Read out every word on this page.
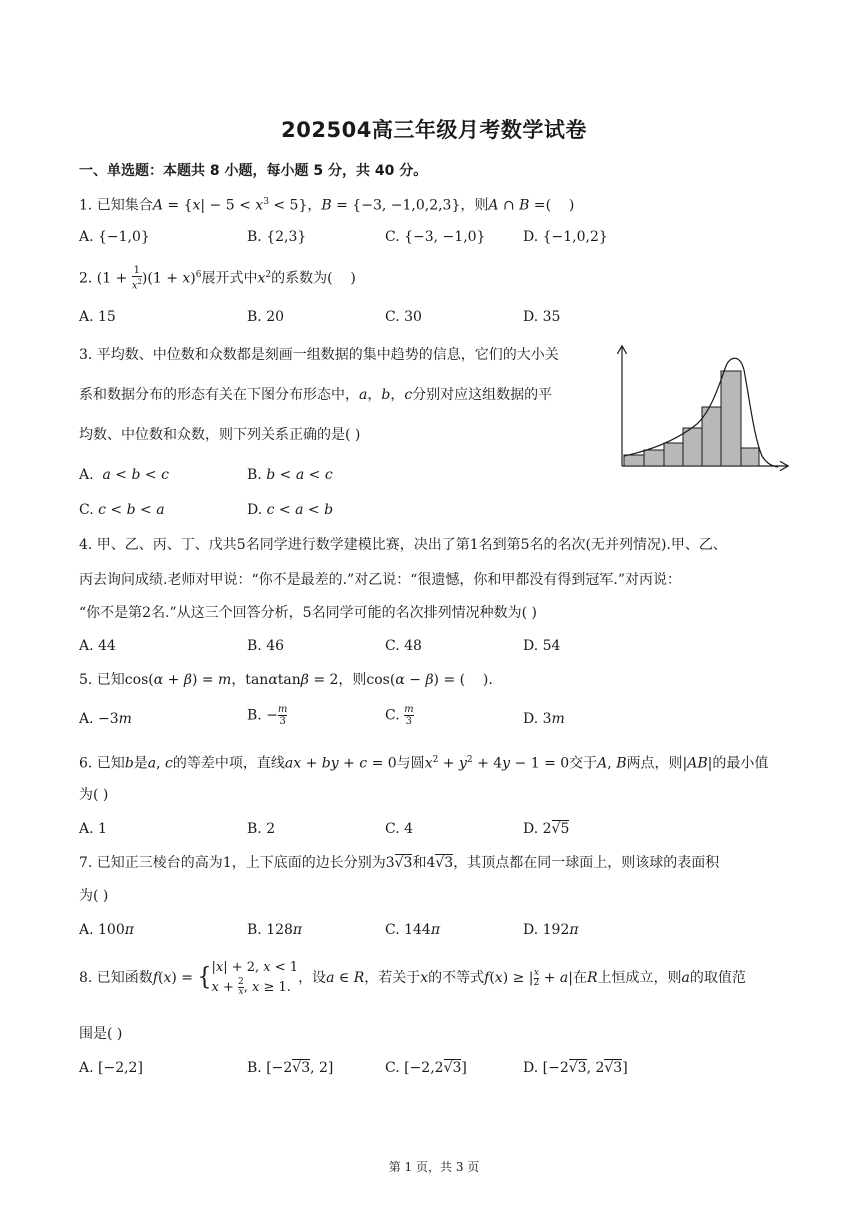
202504高三年级月考数学试卷
一、单选题：本题共 8 小题，每小题 5 分，共 40 分。
1. 已知集合$A = \{x| - 5 < x^3 < 5\}$，B = {−3, −1,0,2,3}，则A ∩ B =(    )
A. {−1,0}	B. {2,3}	C. {−3, −1,0}	D. {−1,0,2}
2. $(1 + \frac{1}{x^2} )(1 + x)^6$展开式中$x^2$的系数为(    )
A. 15	B. 20	C. 30	D. 35
3. 平均数、中位数和众数都是刻画一组数据的集中趋势的信息，它们的大小关
系和数据分布的形态有关在下图分布形态中，a，b，c分别对应这组数据的平
均数、中位数和众数，则下列关系正确的是( )
A.  a < b < c	B. b < a < c
C. c < b < a	D. c < a < b
4. 甲、乙、丙、丁、戊共5名同学进行数学建模比赛，决出了第1名到第5名的名次(无并列情况).甲、乙、
丙去询问成绩.老师对甲说：“你不是最差的.”对乙说：“很遗憾，你和甲都没有得到冠军.”对丙说：
“你不是第2名.”从这三个回答分析，5名同学可能的名次排列情况种数为( )
A. 44	B. 46	C. 48	D. 54
5. 已知cos(α + β) = m，tanαtanβ = 2，则cos(α − β) = (    ).
A. −3m	B. − $\frac{m}{3}$	C. $\frac{m}{3}$	D. 3m
6. 已知b是a, c的等差中项，直线ax + by + c = 0与圆$x^2 + y^2 + 4y - 1 = 0$交于A, B两点，则|AB|的最小值
为( )
A. 1	B. 2	C. 4	D. 2√5
7. 已知正三棱台的高为1，上下底面的边长分别为3√3和4√3，其顶点都在同一球面上，则该球的表面积
为( )
A. 100π	B. 128π	C. 144π	D. 192π
8. 已知函数f(x) = {|x| + 2, x < 1
$x + \frac{2}{x}$ , x ≥ 1.，设a ∈ R，若关于x的不等式f(x) ≥ | $\frac{x}{2} + a|$在R上恒成立，则a的取值范
围是( )
A. [−2,2]	B. [−2√3, 2]	C. [−2,2√3]	D. [−2√3, 2√3]
第 1 页，共 3 页
